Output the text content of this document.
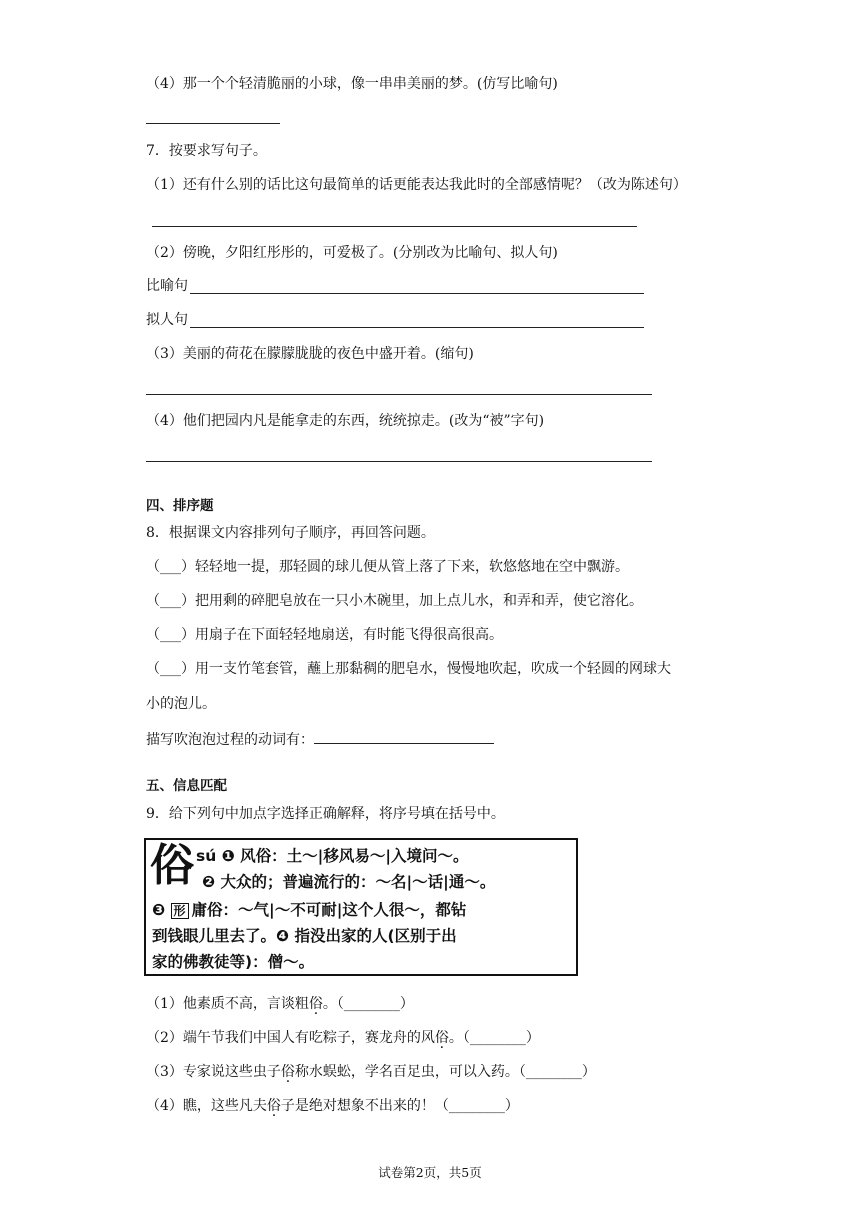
（4）那一个个轻清脆丽的小球，像一串串美丽的梦。(仿写比喻句)
7．按要求写句子。
（1）还有什么别的话比这句最简单的话更能表达我此时的全部感情呢？（改为陈述句）
（2）傍晚，夕阳红彤彤的，可爱极了。(分别改为比喻句、拟人句)
比喻句
拟人句
（3）美丽的荷花在朦朦胧胧的夜色中盛开着。(缩句)
（4）他们把园内凡是能拿走的东西，统统掠走。(改为“被”字句)
四、排序题
8．根据课文内容排列句子顺序，再回答问题。
（___）轻轻地一提，那轻圆的球儿便从管上落了下来，软悠悠地在空中飘游。
（___）把用剩的碎肥皂放在一只小木碗里，加上点儿水，和弄和弄，使它溶化。
（___）用扇子在下面轻轻地扇送，有时能飞得很高很高。
（___）用一支竹笔套管，蘸上那黏稠的肥皂水，慢慢地吹起，吹成一个轻圆的网球大
小的泡儿。
描写吹泡泡过程的动词有：
五、信息匹配
9．给下列句中加点字选择正确解释，将序号填在括号中。
俗 sú ❶ 风俗：土～|移风易～|入境问～。
❷ 大众的；普遍流行的：～名|～话|通～。
❸ 形 庸俗：～气|～不可耐|这个人很～，都钻
到钱眼儿里去了。❹ 指没出家的人(区别于出
家的佛教徒等)：僧～。
（1）他素质不高，言谈粗俗。（________）
（2）端午节我们中国人有吃粽子，赛龙舟的风俗。（________）
（3）专家说这些虫子俗称水蜈蚣，学名百足虫，可以入药。（________）
（4）瞧，这些凡夫俗子是绝对想象不出来的！（________）
试卷第2页，共5页
